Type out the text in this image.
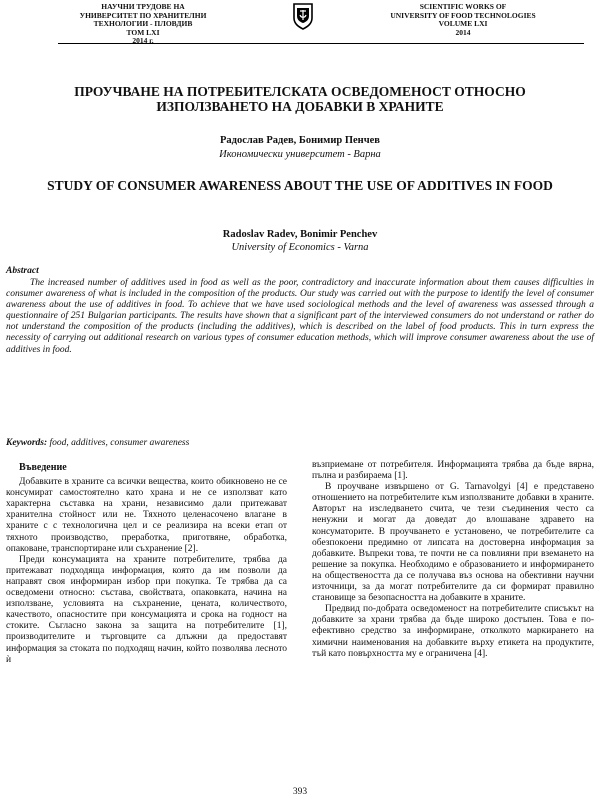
НАУЧНИ ТРУДОВЕ НА
УНИВЕРСИТЕТ ПО ХРАНИТЕЛНИ
ТЕХНОЛОГИИ - ПЛОВДИВ
ТОМ LXI
2014 г.
SCIENTIFIC WORKS OF
UNIVERSITY OF FOOD TECHNOLOGIES
VOLUME LXI
2014
ПРОУЧВАНЕ НА ПОТРЕБИТЕЛСКАТА ОСВЕДОМЕНОСТ ОТНОСНО
ИЗПОЛЗВАНЕТО НА ДОБАВКИ В ХРАНИТЕ
Радослав Радев, Бонимир Пенчев
Икономически университет - Варна
STUDY OF CONSUMER AWARENESS ABOUT THE USE OF ADDITIVES IN FOOD
Radoslav Radev, Bonimir Penchev
University of Economics - Varna
Abstract
The increased number of additives used in food as well as the poor, contradictory and inaccurate information about them causes difficulties in consumer awareness of what is included in the composition of the products. Our study was carried out with the purpose to identify the level of consumer awareness about the use of additives in food. To achieve that we have used sociological methods and the level of awareness was assessed through a questionnaire of 251 Bulgarian participants. The results have shown that a significant part of the interviewed consumers do not understand or rather do not understand the composition of the products (including the additives), which is described on the label of food products. This in turn express the necessity of carrying out additional research on various types of consumer education methods, which will improve consumer awareness about the use of additives in food.
Keywords: food, additives, consumer awareness
Въведение

Добавките в храните са всички вещества, които обикновено не се консумират самостоятелно като храна и не се използват като характерна съставка на храни, независимо дали притежават хранителна стойност или не. Тяхното целенасочено влагане в храните с с технологична цел и се реализира на всеки етап от тяхното производство, преработка, приготвяне, обработка, опаковане, транспортиране или съхранение [2].

Преди консумацията на храните потребителите, трябва да притежават подходяща информация, която да им позволи да направят своя информиран избор при покупка. Те трябва да са осведомени относно: състава, свойствата, опаковката, начина на използване, условията на съхранение, цената, количеството, качеството, опасностите при консумацията и срока на годност на стоките. Съгласно закона за защита на потребителите [1], производителите и търговците са длъжни да предоставят информация за стоката по подходящ начин, който позволява лесното ѝ

възприемане от потребителя. Информацията трябва да бъде вярна, пълна и разбираема [1].

В проучване извършено от G. Tarnavolgyi [4] е представено отношението на потребителите към използваните добавки в храните. Авторът на изследването счита, че тези съединения често са ненужни и могат да доведат до влошаване здравето на консуматорите. В проучването е установено, че потребителите са обезпокоени предимно от липсата на достоверна информация за добавките. Въпреки това, те почти не са повлияни при вземането на решение за покупка. Необходимо е образованието и информирането на обществеността да се получава въз основа на обективни научни източници, за да могат потребителите да си формират правилно становище за безопасността на добавките в храните.

Предвид по-добрата осведоменост на потребителите списъкът на добавките за храни трябва да бъде широко достъпен. Това е по-ефективно средство за информиране, отколкото маркирането на химични наименования на добавките върху етикета на продуктите, тъй като повърхността му е ограничена [4].

393
